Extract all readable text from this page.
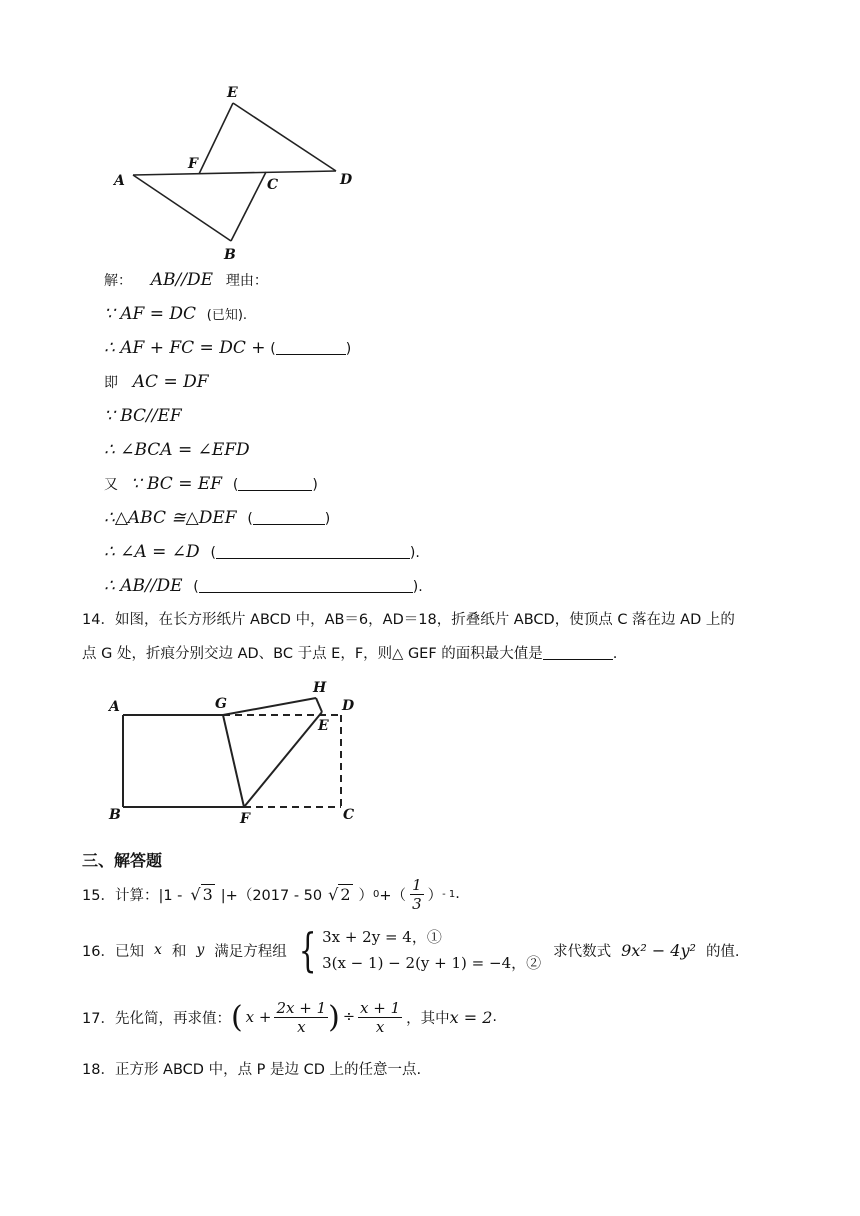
E
F
A	C	D
B
解： AB//DE 理由：
∵ AF = DC (已知).
∴ AF + FC = DC + (	)
即 AC = DF
∵ BC//EF
∴ ∠BCA = ∠EFD
又 ∵ BC = EF (	)
∴△ABC ≅△DEF (	)
∴ ∠A = ∠D (	).
∴ AB//DE (	).
14．如图，在长方形纸片 ABCD 中，AB＝6，AD＝18，折叠纸片 ABCD，使顶点 C 落在边 AD 上的
点 G 处，折痕分别交边 AD、BC 于点 E，F，则△ GEF 的面积最大值是	.
A	G
H
D
E
B	F	C
三、解答题
15．计算：|1 - √ 3 |+（2017 - 50 √ 2 ） 0 +（ $\frac{1}{3}$ ） - 1 .
16．已知 x 和 y 满足方程组 { 3x + 2y = 4，①
3(x − 1) − 2(y + 1) = −4，②
求代数式 9x² − 4y² 的值.
17．先化简，再求值： ( $x + \frac{2x + 1}{x}$ ) ÷ $\frac{x + 1}{x}$ ，其中 x = 2 .
18．正方形 ABCD 中，点 P 是边 CD 上的任意一点.
